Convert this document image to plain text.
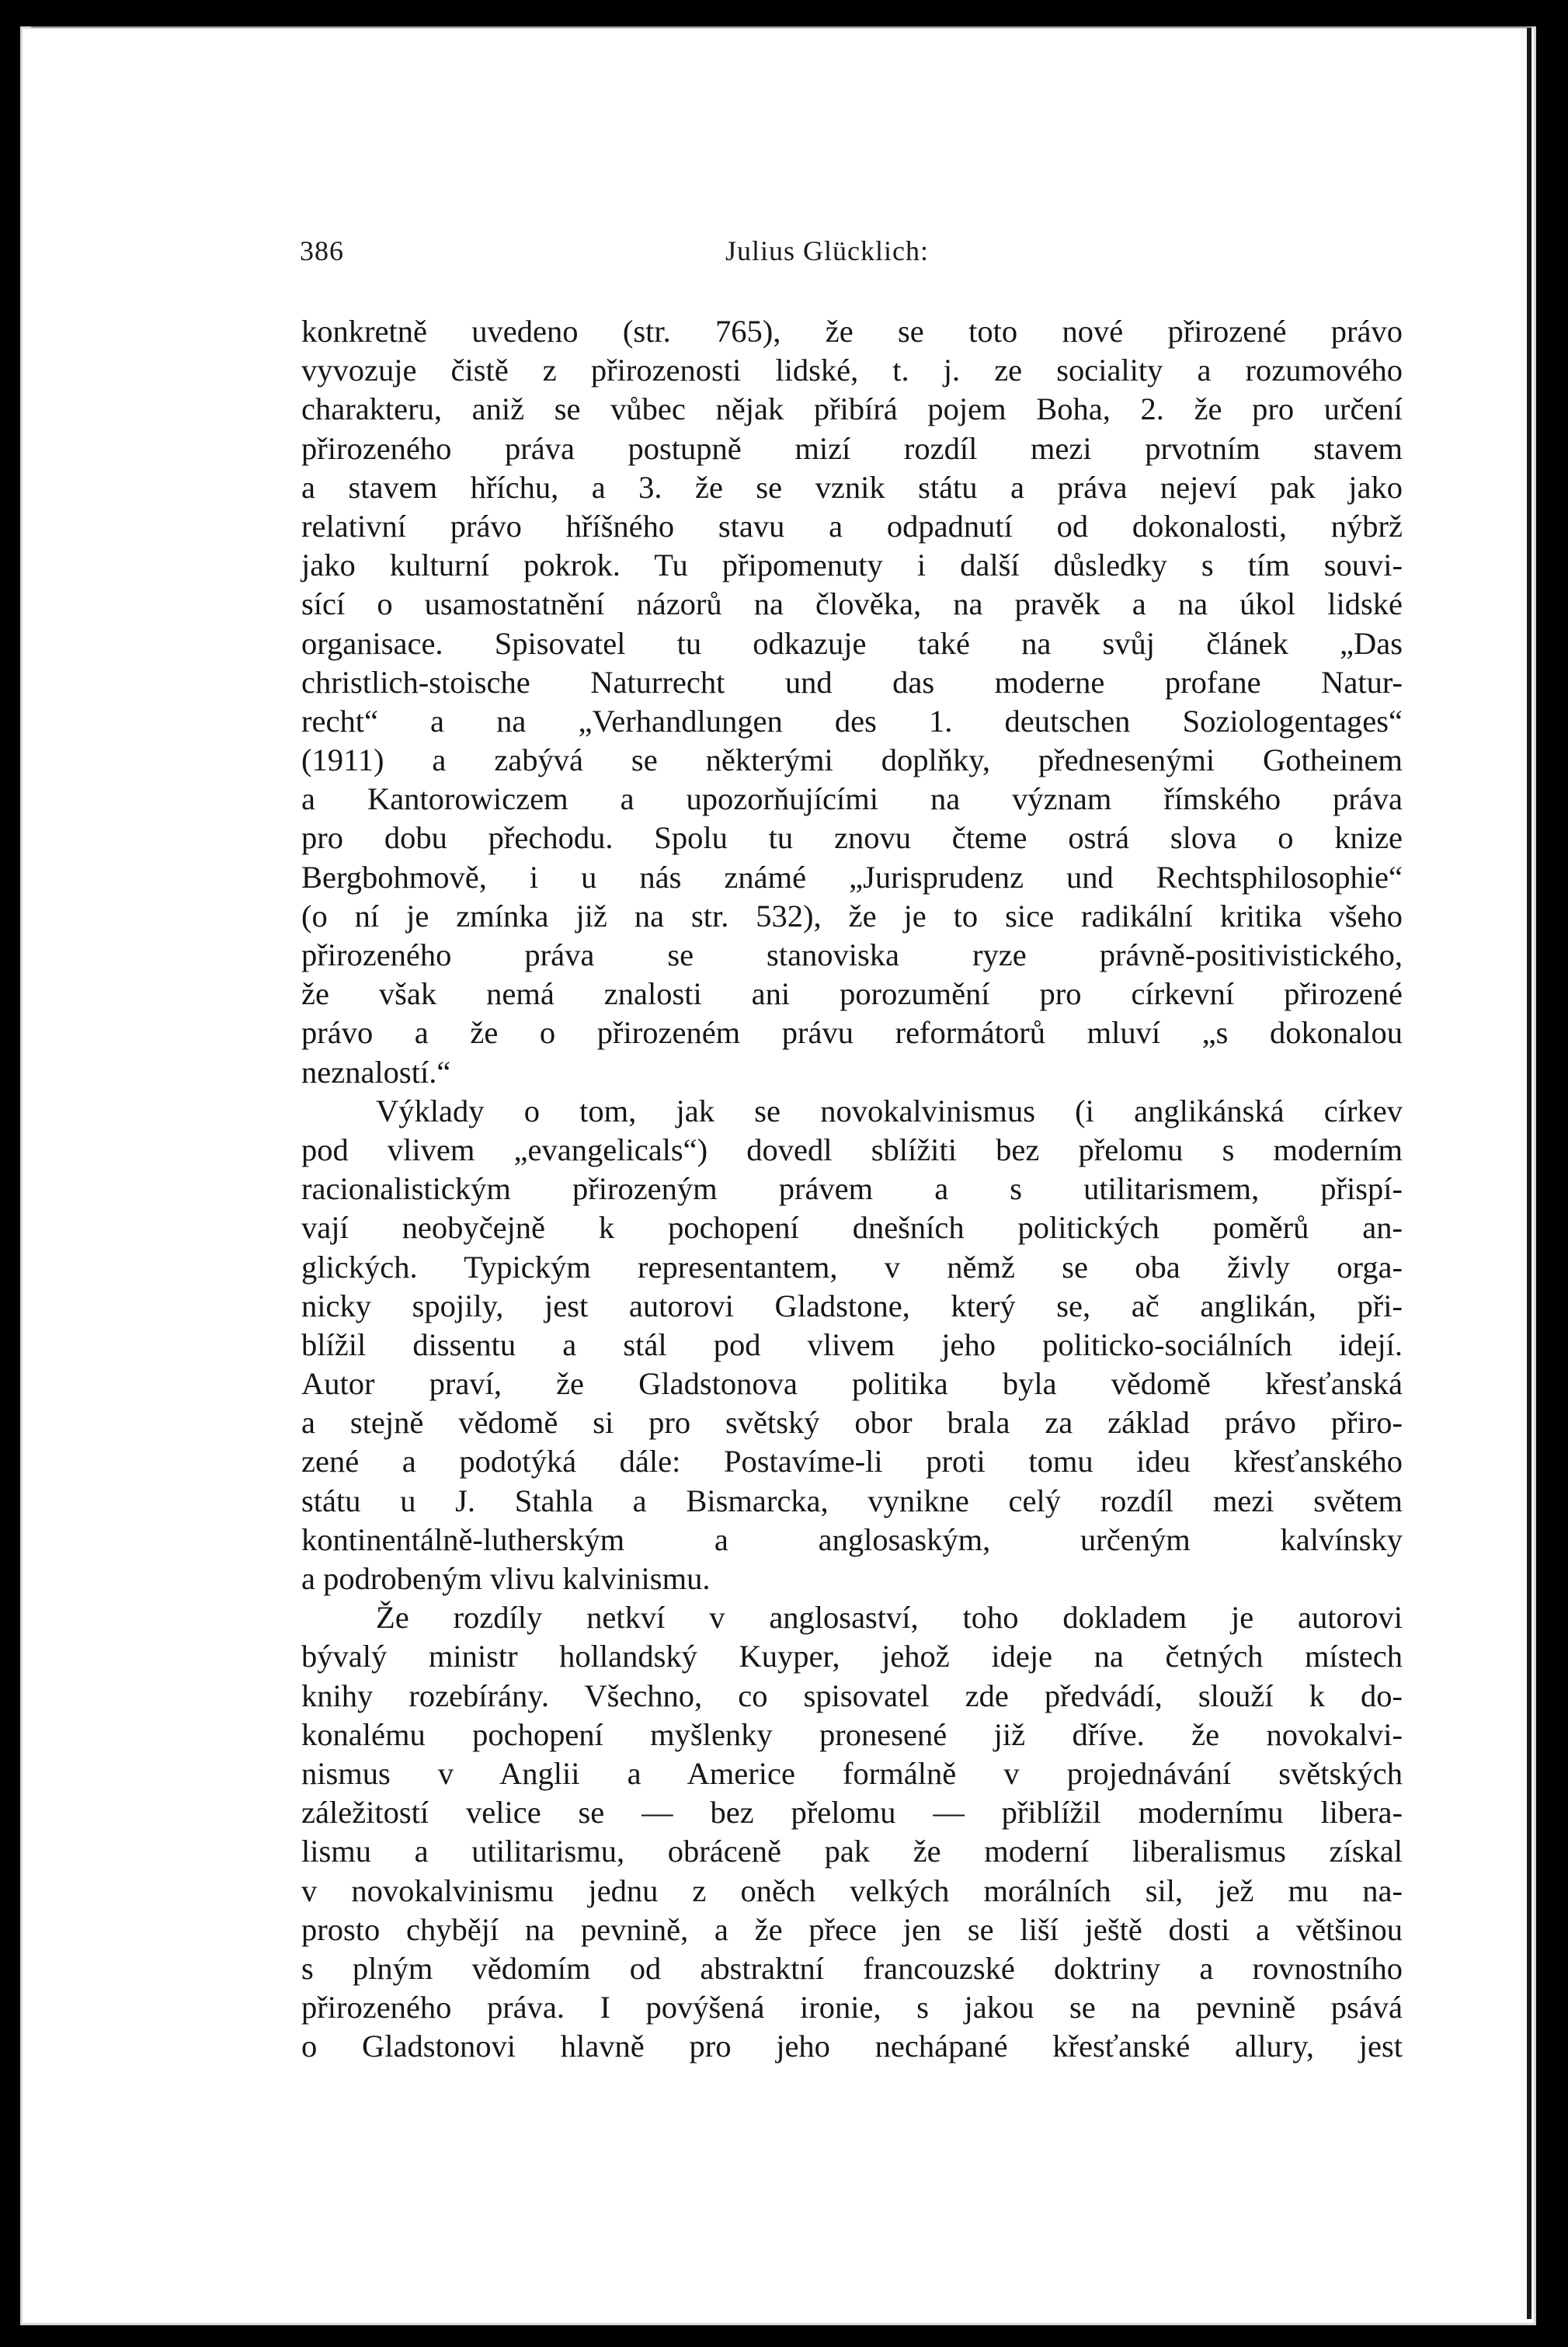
386	Julius Glücklich:
konkretně uvedeno (str. 765), že se toto nové přirozené právo
vyvozuje čistě z přirozenosti lidské, t. j. ze sociality a rozumového
charakteru, aniž se vůbec nějak přibírá pojem Boha, 2. že pro určení
přirozeného práva postupně mizí rozdíl mezi prvotním stavem
a stavem hříchu, a 3. že se vznik státu a práva nejeví pak jako
relativní právo hříšného stavu a odpadnutí od dokonalosti, nýbrž
jako kulturní pokrok. Tu připomenuty i další důsledky s tím souvi-
sící o usamostatnění názorů na člověka, na pravěk a na úkol lidské
organisace. Spisovatel tu odkazuje také na svůj článek „Das
christlich-stoische Naturrecht und das moderne profane Natur-
recht“ a na „Verhandlungen des 1. deutschen Soziologentages“
(1911) a zabývá se některými doplňky, přednesenými Gotheinem
a Kantorowiczem a upozorňujícími na význam římského práva
pro dobu přechodu. Spolu tu znovu čteme ostrá slova o knize
Bergbohmově, i u nás známé „Jurisprudenz und Rechtsphilosophie“
(o ní je zmínka již na str. 532), že je to sice radikální kritika všeho
přirozeného práva se stanoviska ryze právně-positivistického,
že však nemá znalosti ani porozumění pro církevní přirozené
právo a že o přirozeném právu reformátorů mluví „s dokonalou
neznalostí.“
Výklady o tom, jak se novokalvinismus (i anglikánská církev
pod vlivem „evangelicals“) dovedl sblížiti bez přelomu s moderním
racionalistickým přirozeným právem a s utilitarismem, přispí-
vají neobyčejně k pochopení dnešních politických poměrů an-
glických. Typickým representantem, v němž se oba živly orga-
nicky spojily, jest autorovi Gladstone, který se, ač anglikán, při-
blížil dissentu a stál pod vlivem jeho politicko-sociálních idejí.
Autor praví, že Gladstonova politika byla vědomě křesťanská
a stejně vědomě si pro světský obor brala za základ právo přiro-
zené a podotýká dále: Postavíme-li proti tomu ideu křesťanského
státu u J. Stahla a Bismarcka, vynikne celý rozdíl mezi světem
kontinentálně-lutherským a anglosaským, určeným kalvínsky
a podrobeným vlivu kalvinismu.
Že rozdíly netkví v anglosaství, toho dokladem je autorovi
bývalý ministr hollandský Kuyper, jehož ideje na četných místech
knihy rozebírány. Všechno, co spisovatel zde předvádí, slouží k do-
konalému pochopení myšlenky pronesené již dříve. že novokalvi-
nismus v Anglii a Americe formálně v projednávání světských
záležitostí velice se — bez přelomu — přiblížil modernímu libera-
lismu a utilitarismu, obráceně pak že moderní liberalismus získal
v novokalvinismu jednu z oněch velkých morálních sil, jež mu na-
prosto chybějí na pevnině, a že přece jen se liší ještě dosti a většinou
s plným vědomím od abstraktní francouzské doktriny a rovnostního
přirozeného práva. I povýšená ironie, s jakou se na pevnině psává
o Gladstonovi hlavně pro jeho nechápané křesťanské allury, jest
